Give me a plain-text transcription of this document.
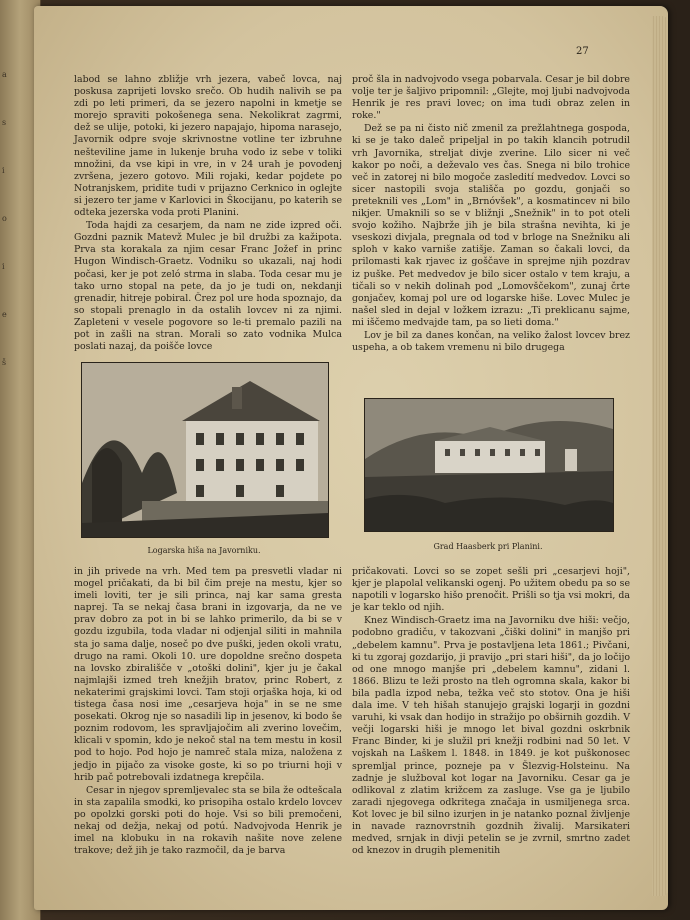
a
s
i
o
i
e
š
27

labod se lahno zbližje vrh jezera, vabeč lovca, naj poskusa zaprijeti lovsko srečo. Ob hudih nalivih se pa zdi po leti primeri, da se jezero napolni in kmetje se morejo spraviti pokošenega sena. Nekolikrat zagrmi, dež se ulije, potoki, ki jezero napajajo, hipoma narasejo, Javornik odpre svoje skrivnostne votline ter izbruhne nešteviline jame in lukenje bruha vodo iz sebe v toliki množini, da vse kipi in vre, in v 24 urah je povodenj zvršena, jezero gotovo. Mili rojaki, kedar pojdete po Notranjskem, pridite tudi v prijazno Cerknico in oglejte si jezero ter jame v Karlovici in Škocijanu, po katerih se odteka jezerska voda proti Planini.

Toda hajdi za cesarjem, da nam ne zide izpred oči. Gozdni paznik Matevž Mulec je bil družbi za kažipota. Prva sta korakala za njim cesar Franc Jožef in princ Hugon Windisch-Graetz. Vodniku so ukazali, naj hodi počasi, ker je pot zeló strma in slaba. Toda cesar mu je tako urno stopal na pete, da jo je tudi on, nekdanji grenadir, hitreje pobiral. Črez pol ure hoda spoznajo, da so stopali prenaglo in da ostalih lovcev ni za njimi. Zapleteni v vesele pogovore so le-ti premalo pazili na pot in zašli na stran. Morali so zato vodnika Mulca poslati nazaj, da poišče lovce

Logarska hiša na Javorniku.

in jih privede na vrh. Med tem pa presvetli vladar ni mogel pričakati, da bi bil čim preje na mestu, kjer so imeli loviti, ter je sili princa, naj kar sama gresta naprej. Ta se nekaj časa brani in izgovarja, da ne ve prav dobro za pot in bi se lahko primerilo, da bi se v gozdu izgubila, toda vladar ni odjenjal siliti in mahnila sta jo sama dalje, noseč po dve puški, jeden okoli vratu, drugo na rami. Okoli 10. ure dopoldne srečno dospeta na lovsko zbirališče v „otoški dolini", kjer ju je čakal najmlajši izmed treh knežjih bratov, princ Robert, z nekaterimi grajskimi lovci. Tam stoji orjaška hoja, ki od tistega časa nosi ime „cesarjeva hoja" in se ne sme posekati. Okrog nje so nasadili lip in jesenov, ki bodo še poznim rodovom, les spravljajočim ali zverino lovečim, klicali v spomin, kdo je nekoč stal na tem mestu in kosil pod to hojo. Pod hojo je namreč stala miza, naložena z jedjo in pijačo za visoke goste, ki so po triurni hoji v hrib pač potrebovali izdatnega krepčila.

Cesar in njegov spremljevalec sta se bila že odtešcala in sta zapalila smodki, ko prisopiha ostalo krdelo lovcev po opolzki gorski poti do hoje. Vsi so bili premočeni, nekaj od dežja, nekaj od potú. Nadvojvoda Henrik je imel na klobuku in na rokavih našite nove zelene trakove; dež jih je tako razmočil, da je barva

proč šla in nadvojvodo vsega pobarvala. Cesar je bil dobre volje ter je šaljivo pripomnil: „Glejte, moj ljubi nadvojvoda Henrik je res pravi lovec; on ima tudi obraz zelen in roke."

Dež se pa ni čisto nič zmenil za prežlahtnega gospoda, ki se je tako daleč pripeljal in po takih klancih potrudil vrh Javornika, streljat divje zverine. Lilo sicer ni več kakor po noči, a deževalo ves čas. Snega ni bilo trohice več in zatorej ni bilo mogoče zasledití medvedov. Lovci so sicer nastopili svoja stališča po gozdu, gonjači so preteknili ves „Lom" in „Brnóvšek", a kosmatincev ni bilo nikjer. Umaknili so se v bližnji „Snežnik" in to pot oteli svojo kožiho. Najbrže jih je bila strašna nevihta, ki je vseskozi divjala, pregnala od tod v brloge na Snežniku ali sploh v kako varniše zatišje. Zaman so čakali lovci, da prilomasti kak rjavec iz goščave in sprejme njih pozdrav iz puške. Pet medvedov je bilo sicer ostalo v tem kraju, a tičali so v nekih dolinah pod „Lomovščekom", zunaj črte gonjačev, komaj pol ure od logarske hiše. Lovec Mulec je našel sled in dejal v ložkem izrazu: „Ti preklicanu sajme, mi iščemo medvajde tam, pa so lieti doma."

Lov je bil za danes končan, na veliko žalost lovcev brez uspeha, a ob takem vremenu ni bilo drugega

Grad Haasberk pri Planini.

pričakovati. Lovci so se zopet sešli pri „cesarjevi hoji", kjer je plapolal velikanski ogenj. Po užitem obedu pa so se napotili v logarsko hišo prenočit. Prišli so tja vsi mokri, da je kar teklo od njih.

Knez Windisch-Graetz ima na Javorniku dve hiši: večjo, podobno gradiču, v takozvani „čiški dolini" in manjšo pri „debelem kamnu". Prva je postavljena leta 1861.; Pivčani, ki tu zgoraj gozdarijo, ji pravijo „pri stari hiši", da jo ločijo od one mnogo manjše pri „debelem kamnu", zidani l. 1866. Blizu te leži prosto na tleh ogromna skala, kakor bi bila padla izpod neba, težka več sto stotov. Ona je hiši dala ime. V teh hišah stanujejo grajski logarji in gozdni varuhi, ki vsak dan hodijo in stražijo po obširnih gozdih. V večji logarski hiši je mnogo let bival gozdni oskrbnik Franc Binder, ki je služil pri knežji rodbini nad 50 let. V vojskah na Laškem l. 1848. in 1849. je kot puškonosec spremljal prince, pozneje pa v Šlezvig-Holsteinu. Na zadnje je služboval kot logar na Javorniku. Cesar ga je odlikoval z zlatim križcem za zasluge. Vse ga je ljubilo zaradi njegovega odkritega značaja in usmiljenega srca. Kot lovec je bil silno izurjen in je natanko poznal življenje in navade raznovrstnih gozdnih živalij. Marsikateri medved, srnjak in divji petelin se je zvrnil, smrtno zadet od knezov in drugih plemenitih
